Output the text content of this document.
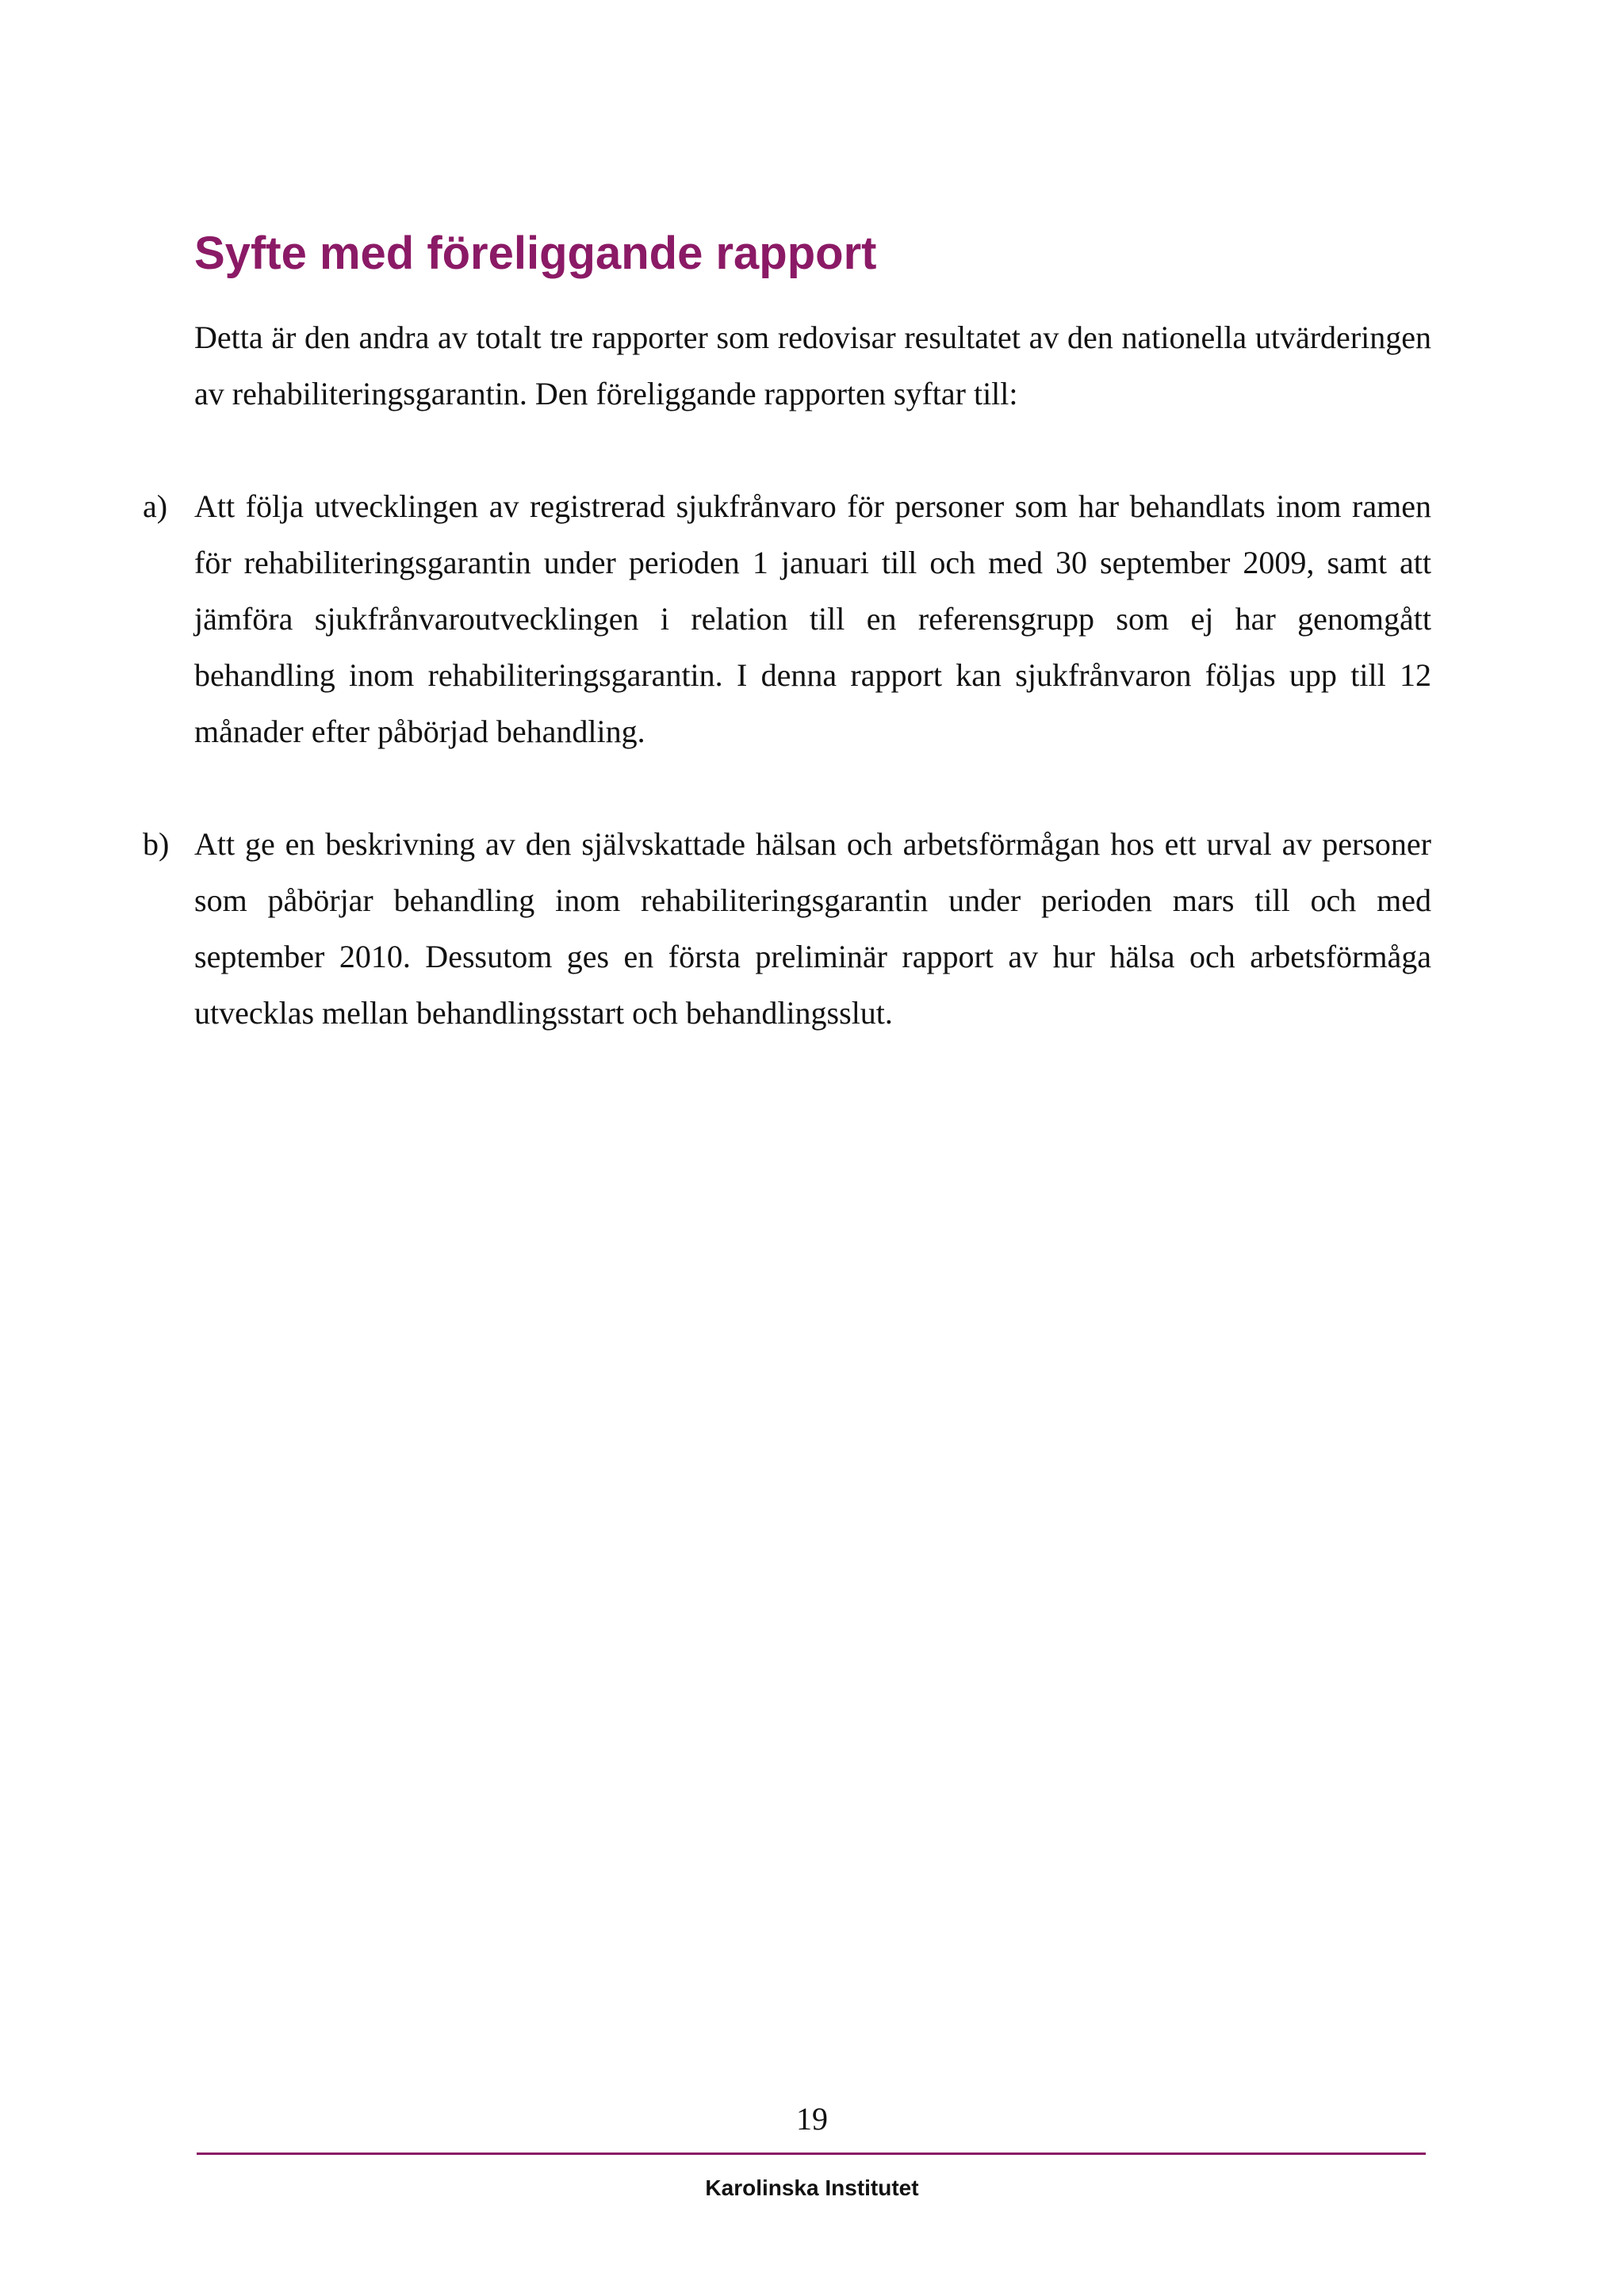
Syfte med föreliggande rapport

Detta är den andra av totalt tre rapporter som redovisar resultatet av den nationella utvärderingen av rehabiliteringsgarantin. Den föreliggande rapporten syftar till:

a) Att följa utvecklingen av registrerad sjukfrånvaro för personer som har behandlats inom ramen för rehabiliteringsgarantin under perioden 1 januari till och med 30 september 2009, samt att jämföra sjukfrånvaroutvecklingen i relation till en referensgrupp som ej har genomgått behandling inom rehabiliteringsgarantin. I denna rapport kan sjukfrånvaron följas upp till 12 månader efter påbörjad behandling.

b) Att ge en beskrivning av den självskattade hälsan och arbetsförmågan hos ett urval av personer som påbörjar behandling inom rehabiliteringsgarantin under perioden mars till och med september 2010. Dessutom ges en första preliminär rapport av hur hälsa och arbetsförmåga utvecklas mellan behandlingsstart och behandlingsslut.

19
Karolinska Institutet
